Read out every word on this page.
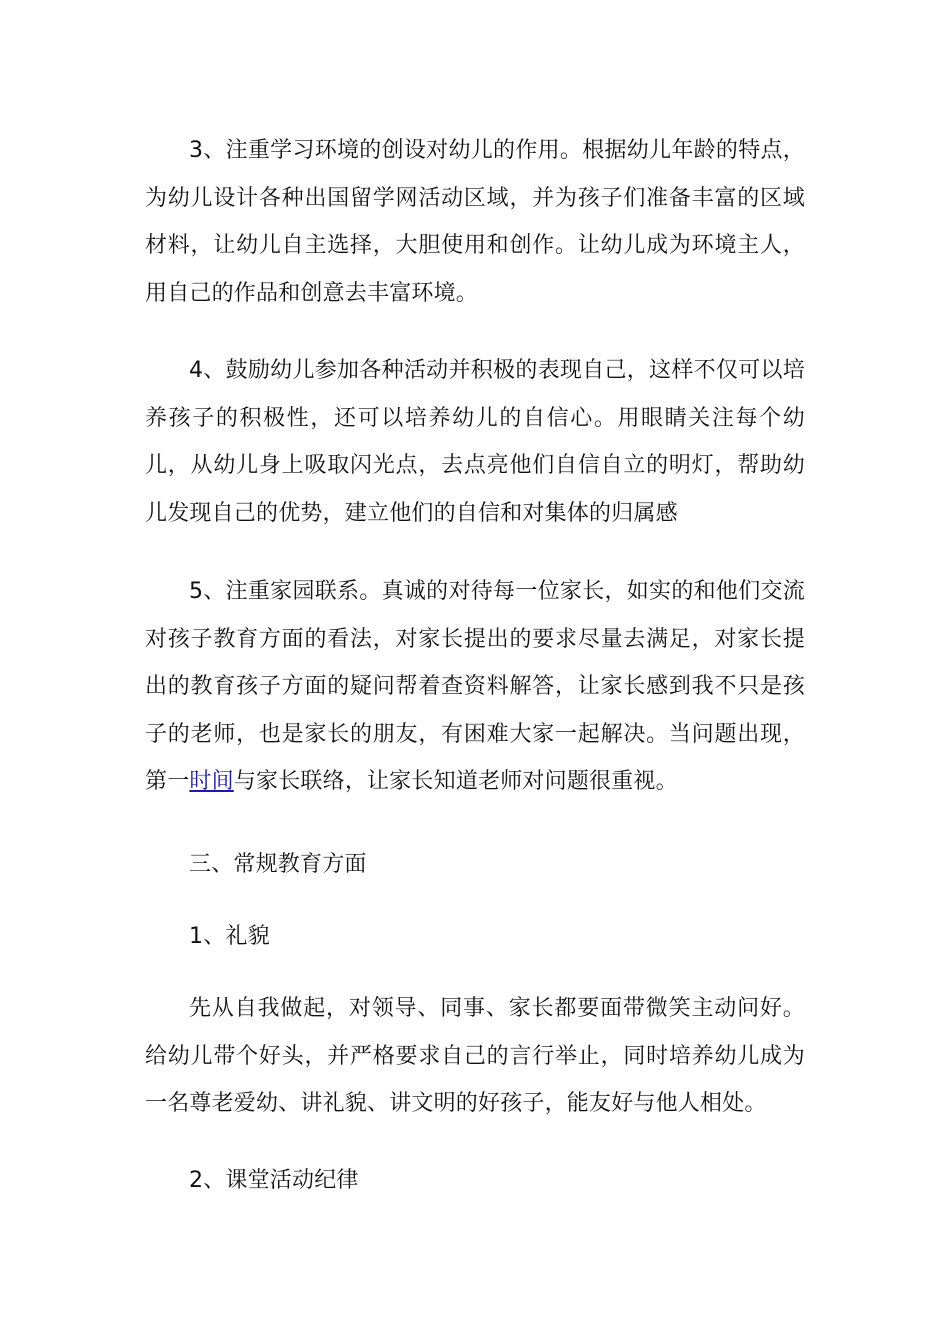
3、注重学习环境的创设对幼儿的作用。根据幼儿年龄的特点，为幼儿设计各种出国留学网活动区域，并为孩子们准备丰富的区域材料，让幼儿自主选择，大胆使用和创作。让幼儿成为环境主人，用自己的作品和创意去丰富环境。

4、鼓励幼儿参加各种活动并积极的表现自己，这样不仅可以培养孩子的积极性，还可以培养幼儿的自信心。用眼睛关注每个幼儿，从幼儿身上吸取闪光点，去点亮他们自信自立的明灯，帮助幼儿发现自己的优势，建立他们的自信和对集体的归属感

5、注重家园联系。真诚的对待每一位家长，如实的和他们交流对孩子教育方面的看法，对家长提出的要求尽量去满足，对家长提出的教育孩子方面的疑问帮着查资料解答，让家长感到我不只是孩子的老师，也是家长的朋友，有困难大家一起解决。当问题出现，第一时间与家长联络，让家长知道老师对问题很重视。

三、常规教育方面

1、礼貌

先从自我做起，对领导、同事、家长都要面带微笑主动问好。给幼儿带个好头，并严格要求自己的言行举止，同时培养幼儿成为一名尊老爱幼、讲礼貌、讲文明的好孩子，能友好与他人相处。

2、课堂活动纪律
